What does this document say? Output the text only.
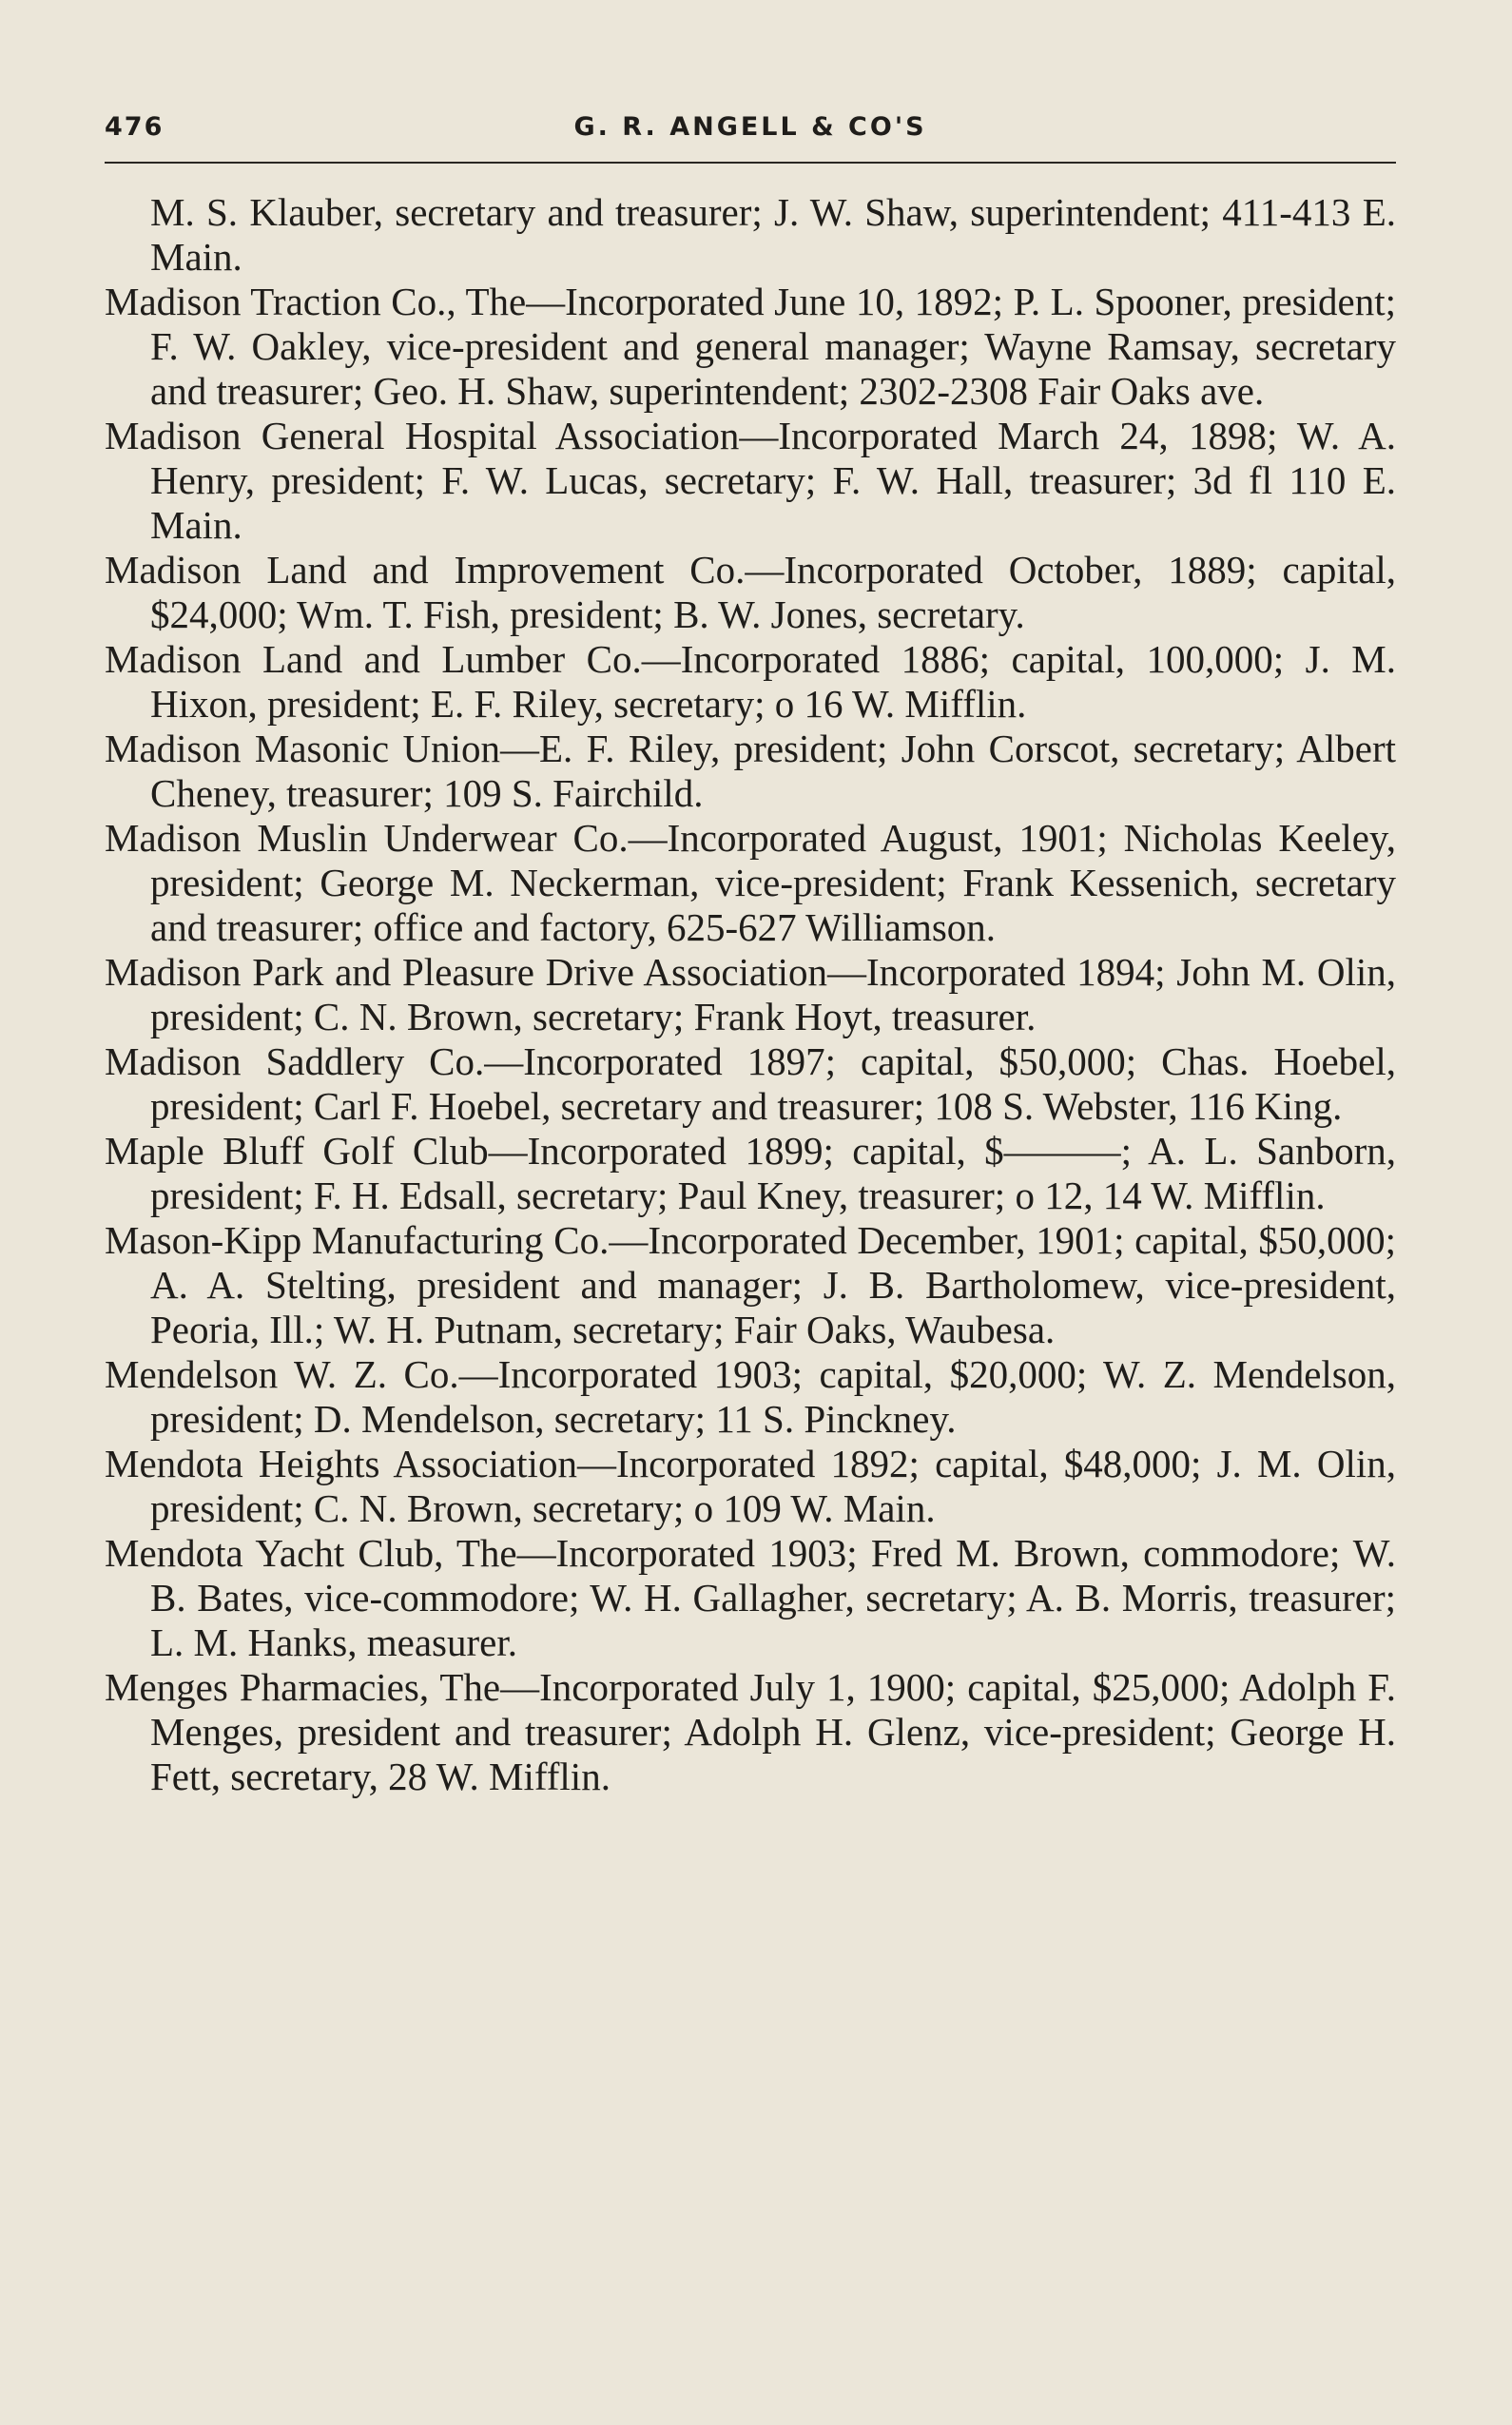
476	G. R. ANGELL & CO'S

M. S. Klauber, secretary and treasurer; J. W. Shaw, superintendent; 411-413 E. Main.

Madison Traction Co., The—Incorporated June 10, 1892; P. L. Spooner, president; F. W. Oakley, vice-president and general manager; Wayne Ramsay, secretary and treasurer; Geo. H. Shaw, superintendent; 2302-2308 Fair Oaks ave.

Madison General Hospital Association—Incorporated March 24, 1898; W. A. Henry, president; F. W. Lucas, secretary; F. W. Hall, treasurer; 3d fl 110 E. Main.

Madison Land and Improvement Co.—Incorporated October, 1889; capital, $24,000; Wm. T. Fish, president; B. W. Jones, secretary.

Madison Land and Lumber Co.—Incorporated 1886; capital, 100,000; J. M. Hixon, president; E. F. Riley, secretary; o 16 W. Mifflin.

Madison Masonic Union—E. F. Riley, president; John Corscot, secretary; Albert Cheney, treasurer; 109 S. Fairchild.

Madison Muslin Underwear Co.—Incorporated August, 1901; Nicholas Keeley, president; George M. Neckerman, vice-president; Frank Kessenich, secretary and treasurer; office and factory, 625-627 Williamson.

Madison Park and Pleasure Drive Association—Incorporated 1894; John M. Olin, president; C. N. Brown, secretary; Frank Hoyt, treasurer.

Madison Saddlery Co.—Incorporated 1897; capital, $50,000; Chas. Hoebel, president; Carl F. Hoebel, secretary and treasurer; 108 S. Webster, 116 King.

Maple Bluff Golf Club—Incorporated 1899; capital, $———; A. L. Sanborn, president; F. H. Edsall, secretary; Paul Kney, treasurer; o 12, 14 W. Mifflin.

Mason-Kipp Manufacturing Co.—Incorporated December, 1901; capital, $50,000; A. A. Stelting, president and manager; J. B. Bartholomew, vice-president, Peoria, Ill.; W. H. Putnam, secretary; Fair Oaks, Waubesa.

Mendelson W. Z. Co.—Incorporated 1903; capital, $20,000; W. Z. Mendelson, president; D. Mendelson, secretary; 11 S. Pinckney.

Mendota Heights Association—Incorporated 1892; capital, $48,000; J. M. Olin, president; C. N. Brown, secretary; o 109 W. Main.

Mendota Yacht Club, The—Incorporated 1903; Fred M. Brown, commodore; W. B. Bates, vice-commodore; W. H. Gallagher, secretary; A. B. Morris, treasurer; L. M. Hanks, measurer.

Menges Pharmacies, The—Incorporated July 1, 1900; capital, $25,000; Adolph F. Menges, president and treasurer; Adolph H. Glenz, vice-president; George H. Fett, secretary, 28 W. Mifflin.
